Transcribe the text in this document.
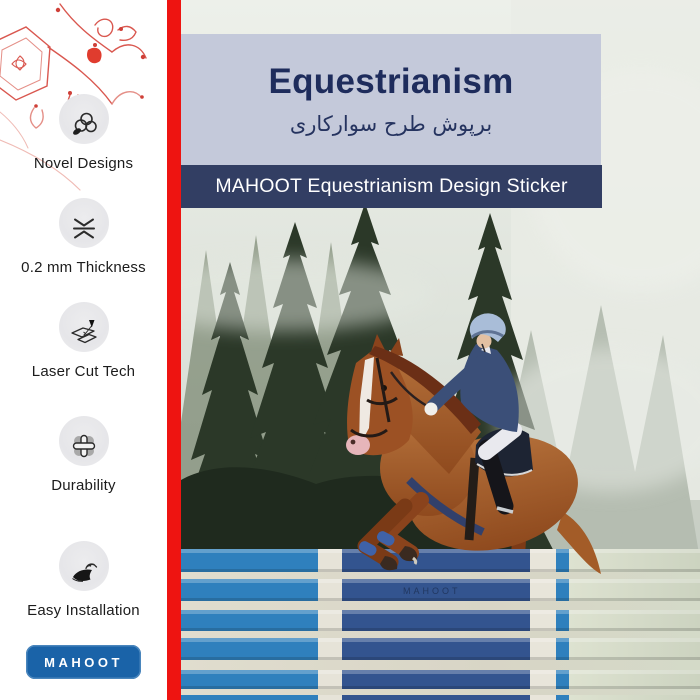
Novel Designs
0.2 mm Thickness
Laser Cut Tech
Durability
Easy Installation
MAHOOT
MAHOOT
Equestrianism
برپوش طرح سوارکاری
MAHOOT Equestrianism Design Sticker
